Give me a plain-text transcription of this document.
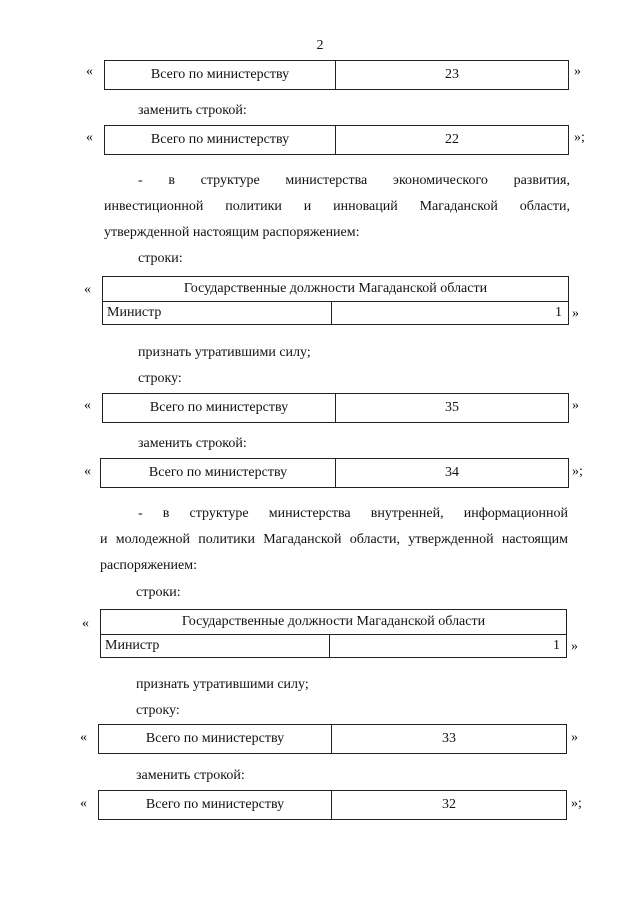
2
«	Всего по министерству	23	»
заменить строкой:
«	Всего по министерству	22	»;
- в структуре министерства экономического развития,
инвестиционной политики и инноваций Магаданской области,
утвержденной настоящим распоряжением:
строки:
«	Государственные должности Магаданской области
Министр	1 »
признать утратившими силу;
строку:
«	Всего по министерству	35	»
заменить строкой:
«	Всего по министерству	34	»;
- в структуре министерства внутренней, информационной
и молодежной политики Магаданской области, утвержденной настоящим
распоряжением:
строки:
«	Государственные должности Магаданской области
Министр	1 »
признать утратившими силу;
строку:
«	Всего по министерству	33	»
заменить строкой:
«	Всего по министерству	32	»;
